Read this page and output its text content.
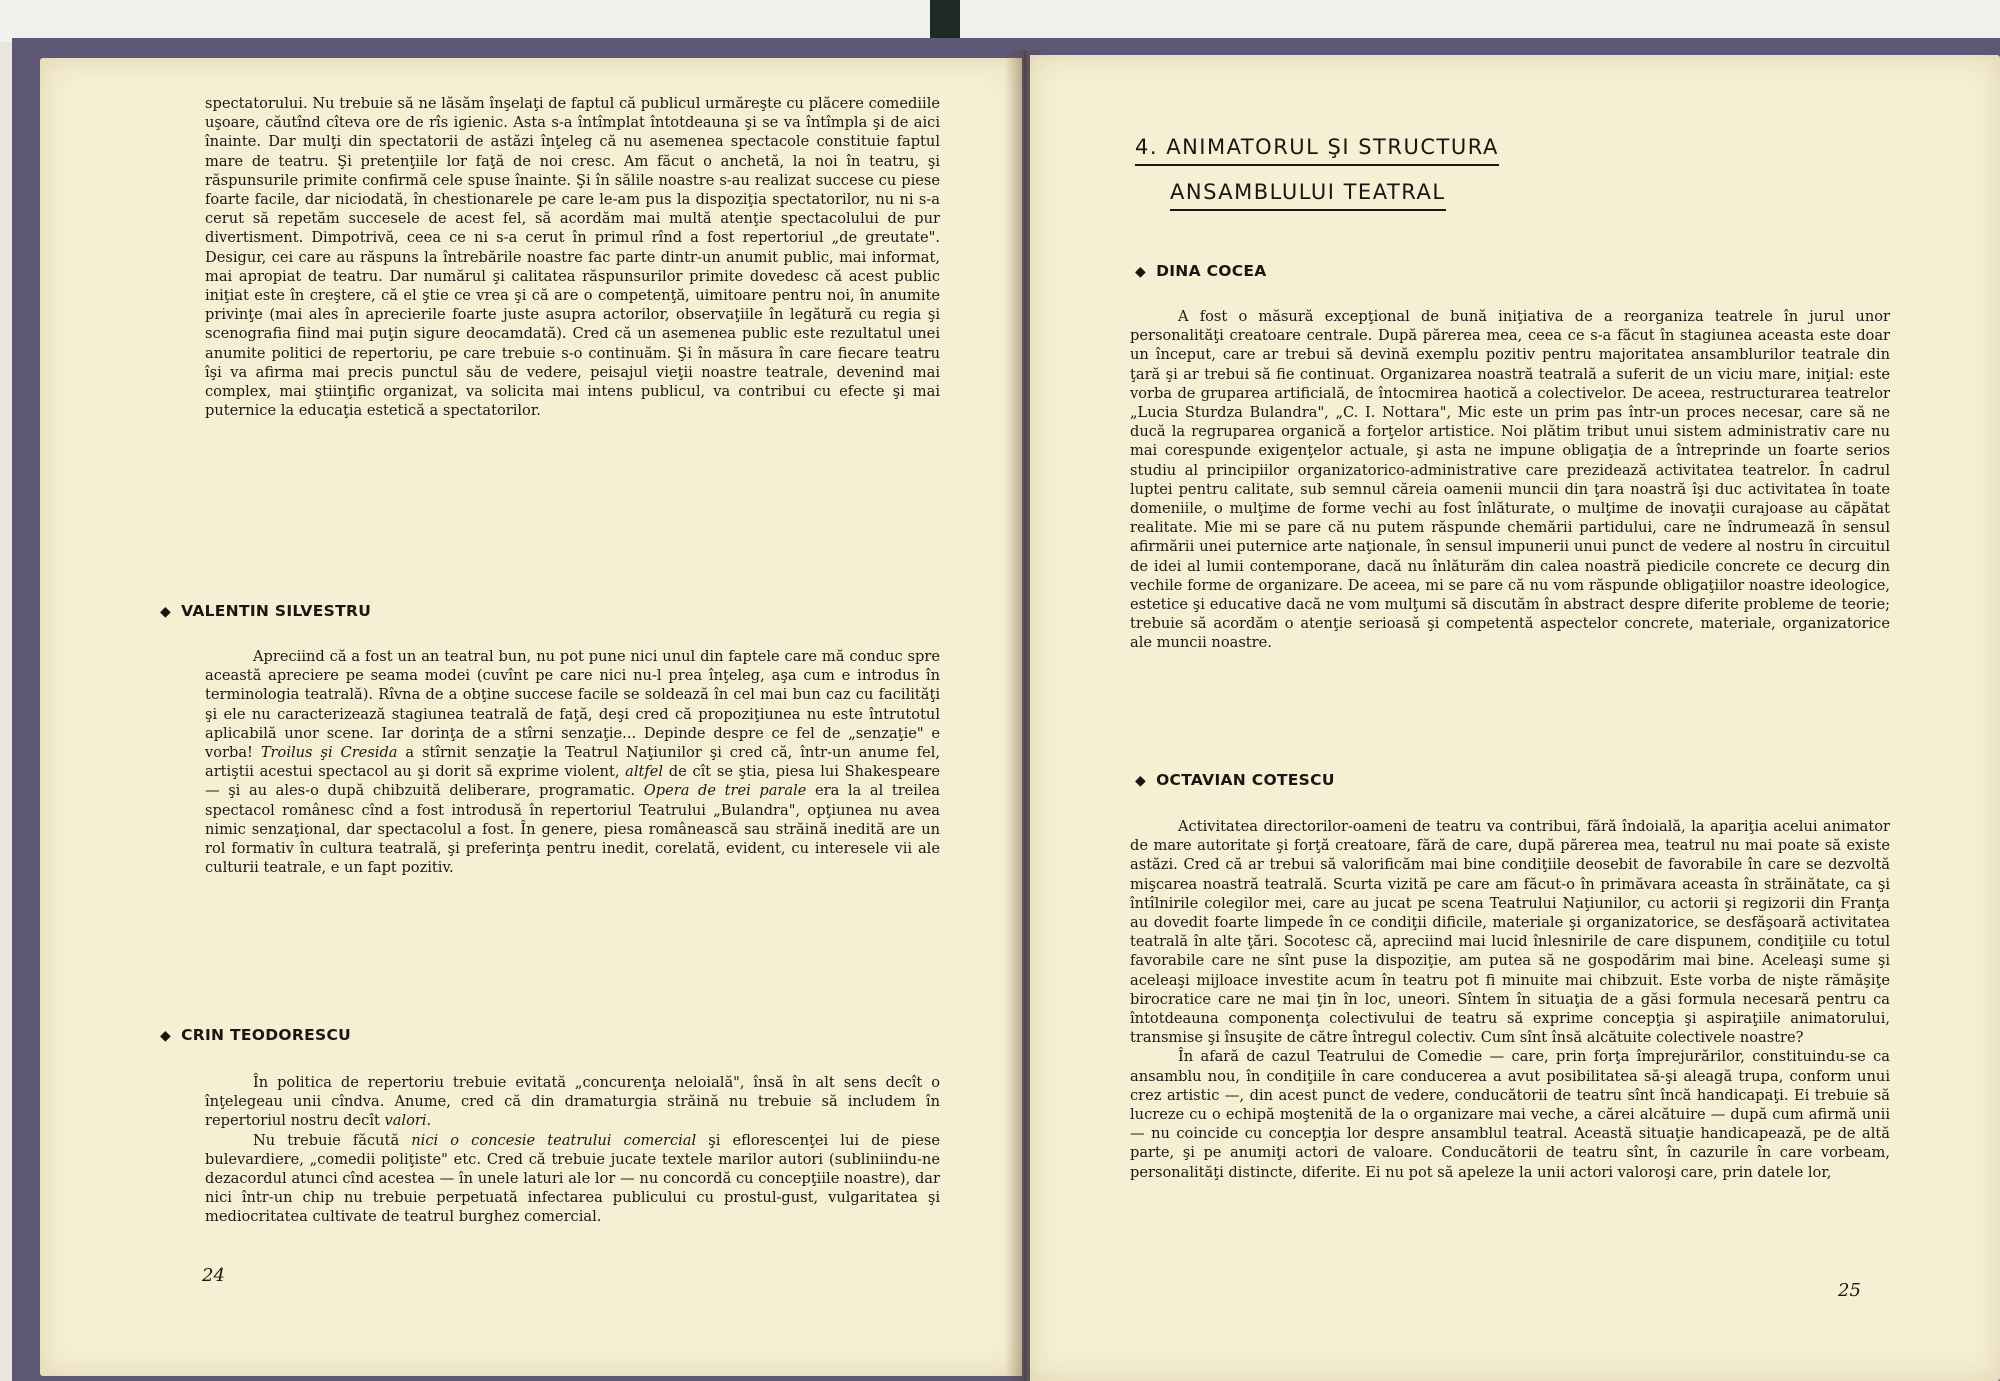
spectatorului. Nu trebuie să ne lăsăm înşelaţi de faptul că publicul urmăreşte cu plăcere comediile uşoare, căutînd cîteva ore de rîs igienic. Asta s-a întîmplat întotdeauna şi se va întîmpla şi de aici înainte. Dar mulţi din spectatorii de astăzi înţeleg că nu asemenea spectacole constituie faptul mare de teatru. Şi pretenţiile lor faţă de noi cresc. Am făcut o anchetă, la noi în teatru, şi răspunsurile primite confirmă cele spuse înainte. Şi în sălile noastre s-au realizat succese cu piese foarte facile, dar niciodată, în chestionarele pe care le-am pus la dispoziţia spectatorilor, nu ni s-a cerut să repetăm succesele de acest fel, să acordăm mai multă atenţie spectacolului de pur divertisment. Dimpotrivă, ceea ce ni s-a cerut în primul rînd a fost repertoriul „de greutate". Desigur, cei care au răspuns la întrebările noastre fac parte dintr-un anumit public, mai informat, mai apropiat de teatru. Dar numărul şi calitatea răspunsurilor primite dovedesc că acest public iniţiat este în creştere, că el ştie ce vrea şi că are o competenţă, uimitoare pentru noi, în anumite privinţe (mai ales în aprecierile foarte juste asupra actorilor, observaţiile în legătură cu regia şi scenografia fiind mai puţin sigure deocamdată). Cred că un asemenea public este rezultatul unei anumite politici de repertoriu, pe care trebuie s-o continuăm. Şi în măsura în care fiecare teatru îşi va afirma mai precis punctul său de vedere, peisajul vieţii noastre teatrale, devenind mai complex, mai ştiinţific organizat, va solicita mai intens publicul, va contribui cu efecte şi mai puternice la educaţia estetică a spectatorilor.

◆ VALENTIN SILVESTRU

Apreciind că a fost un an teatral bun, nu pot pune nici unul din faptele care mă conduc spre această apreciere pe seama modei (cuvînt pe care nici nu-l prea înţeleg, aşa cum e introdus în terminologia teatrală). Rîvna de a obţine succese facile se soldează în cel mai bun caz cu facilităţi şi ele nu caracterizează stagiunea teatrală de faţă, deşi cred că propoziţiunea nu este întrutotul aplicabilă unor scene. Iar dorinţa de a stîrni senzaţie... Depinde despre ce fel de „senzaţie" e vorba! Troilus şi Cresida a stîrnit senzaţie la Teatrul Naţiunilor şi cred că, într-un anume fel, artiştii acestui spectacol au şi dorit să exprime violent, altfel de cît se ştia, piesa lui Shakespeare — şi au ales-o după chibzuită deliberare, programatic. Opera de trei parale era la al treilea spectacol românesc cînd a fost introdusă în repertoriul Teatrului „Bulandra", opţiunea nu avea nimic senzaţional, dar spectacolul a fost. În genere, piesa românească sau străină inedită are un rol formativ în cultura teatrală, şi preferinţa pentru inedit, corelată, evident, cu interesele vii ale culturii teatrale, e un fapt pozitiv.

◆ CRIN TEODORESCU

În politica de repertoriu trebuie evitată „concurenţa neloială", însă în alt sens decît o înţelegeau unii cîndva. Anume, cred că din dramaturgia străină nu trebuie să includem în repertoriul nostru decît valori.

Nu trebuie făcută nici o concesie teatrului comercial şi eflorescenţei lui de piese bulevardiere, „comedii poliţiste" etc. Cred că trebuie jucate textele marilor autori (subliniindu-ne dezacordul atunci cînd acestea — în unele laturi ale lor — nu concordă cu concepţiile noastre), dar nici într-un chip nu trebuie perpetuată infectarea publicului cu prostul-gust, vulgaritatea şi mediocritatea cultivate de teatrul burghez comercial.

24
4. ANIMATORUL ŞI STRUCTURA
ANSAMBLULUI TEATRAL
◆ DINA COCEA

A fost o măsură excepţional de bună iniţiativa de a reorganiza teatrele în jurul unor personalităţi creatoare centrale. După părerea mea, ceea ce s-a făcut în stagiunea aceasta este doar un început, care ar trebui să devină exemplu pozitiv pentru majoritatea ansamblurilor teatrale din ţară şi ar trebui să fie continuat. Organizarea noastră teatrală a suferit de un viciu mare, iniţial: este vorba de gruparea artificială, de întocmirea haotică a colectivelor. De aceea, restructurarea teatrelor „Lucia Sturdza Bulandra", „C. I. Nottara", Mic este un prim pas într-un proces necesar, care să ne ducă la regruparea organică a forţelor artistice. Noi plătim tribut unui sistem administrativ care nu mai corespunde exigenţelor actuale, şi asta ne impune obligaţia de a întreprinde un foarte serios studiu al principiilor organizatorico-administrative care prezidează activitatea teatrelor. În cadrul luptei pentru calitate, sub semnul căreia oamenii muncii din ţara noastră îşi duc activitatea în toate domeniile, o mulţime de forme vechi au fost înlăturate, o mulţime de inovaţii curajoase au căpătat realitate. Mie mi se pare că nu putem răspunde chemării partidului, care ne îndrumează în sensul afirmării unei puternice arte naţionale, în sensul impunerii unui punct de vedere al nostru în circuitul de idei al lumii contemporane, dacă nu înlăturăm din calea noastră piedicile concrete ce decurg din vechile forme de organizare. De aceea, mi se pare că nu vom răspunde obligaţiilor noastre ideologice, estetice şi educative dacă ne vom mulţumi să discutăm în abstract despre diferite probleme de teorie; trebuie să acordăm o atenţie serioasă şi competentă aspectelor concrete, materiale, organizatorice ale muncii noastre.

◆ OCTAVIAN COTESCU

Activitatea directorilor-oameni de teatru va contribui, fără îndoială, la apariţia acelui animator de mare autoritate şi forţă creatoare, fără de care, după părerea mea, teatrul nu mai poate să existe astăzi. Cred că ar trebui să valorificăm mai bine condiţiile deosebit de favorabile în care se dezvoltă mişcarea noastră teatrală. Scurta vizită pe care am făcut-o în primăvara aceasta în străinătate, ca şi întîlnirile colegilor mei, care au jucat pe scena Teatrului Naţiunilor, cu actorii şi regizorii din Franţa au dovedit foarte limpede în ce condiţii dificile, materiale şi organizatorice, se desfăşoară activitatea teatrală în alte ţări. Socotesc că, apreciind mai lucid înlesnirile de care dispunem, condiţiile cu totul favorabile care ne sînt puse la dispoziţie, am putea să ne gospodărim mai bine. Aceleaşi sume şi aceleaşi mijloace investite acum în teatru pot fi minuite mai chibzuit. Este vorba de nişte rămăşiţe birocratice care ne mai ţin în loc, uneori. Sîntem în situaţia de a găsi formula necesară pentru ca întotdeauna componenţa colectivului de teatru să exprime concepţia şi aspiraţiile animatorului, transmise şi însuşite de către întregul colectiv. Cum sînt însă alcătuite colectivele noastre?

În afară de cazul Teatrului de Comedie — care, prin forţa împrejurărilor, constituindu-se ca ansamblu nou, în condiţiile în care conducerea a avut posibilitatea să-şi aleagă trupa, conform unui crez artistic —, din acest punct de vedere, conducătorii de teatru sînt încă handicapaţi. Ei trebuie să lucreze cu o echipă moştenită de la o organizare mai veche, a cărei alcătuire — după cum afirmă unii — nu coincide cu concepţia lor despre ansamblul teatral. Această situaţie handicapează, pe de altă parte, şi pe anumiţi actori de valoare. Conducătorii de teatru sînt, în cazurile în care vorbeam, personalităţi distincte, diferite. Ei nu pot să apeleze la unii actori valoroşi care, prin datele lor,

25
